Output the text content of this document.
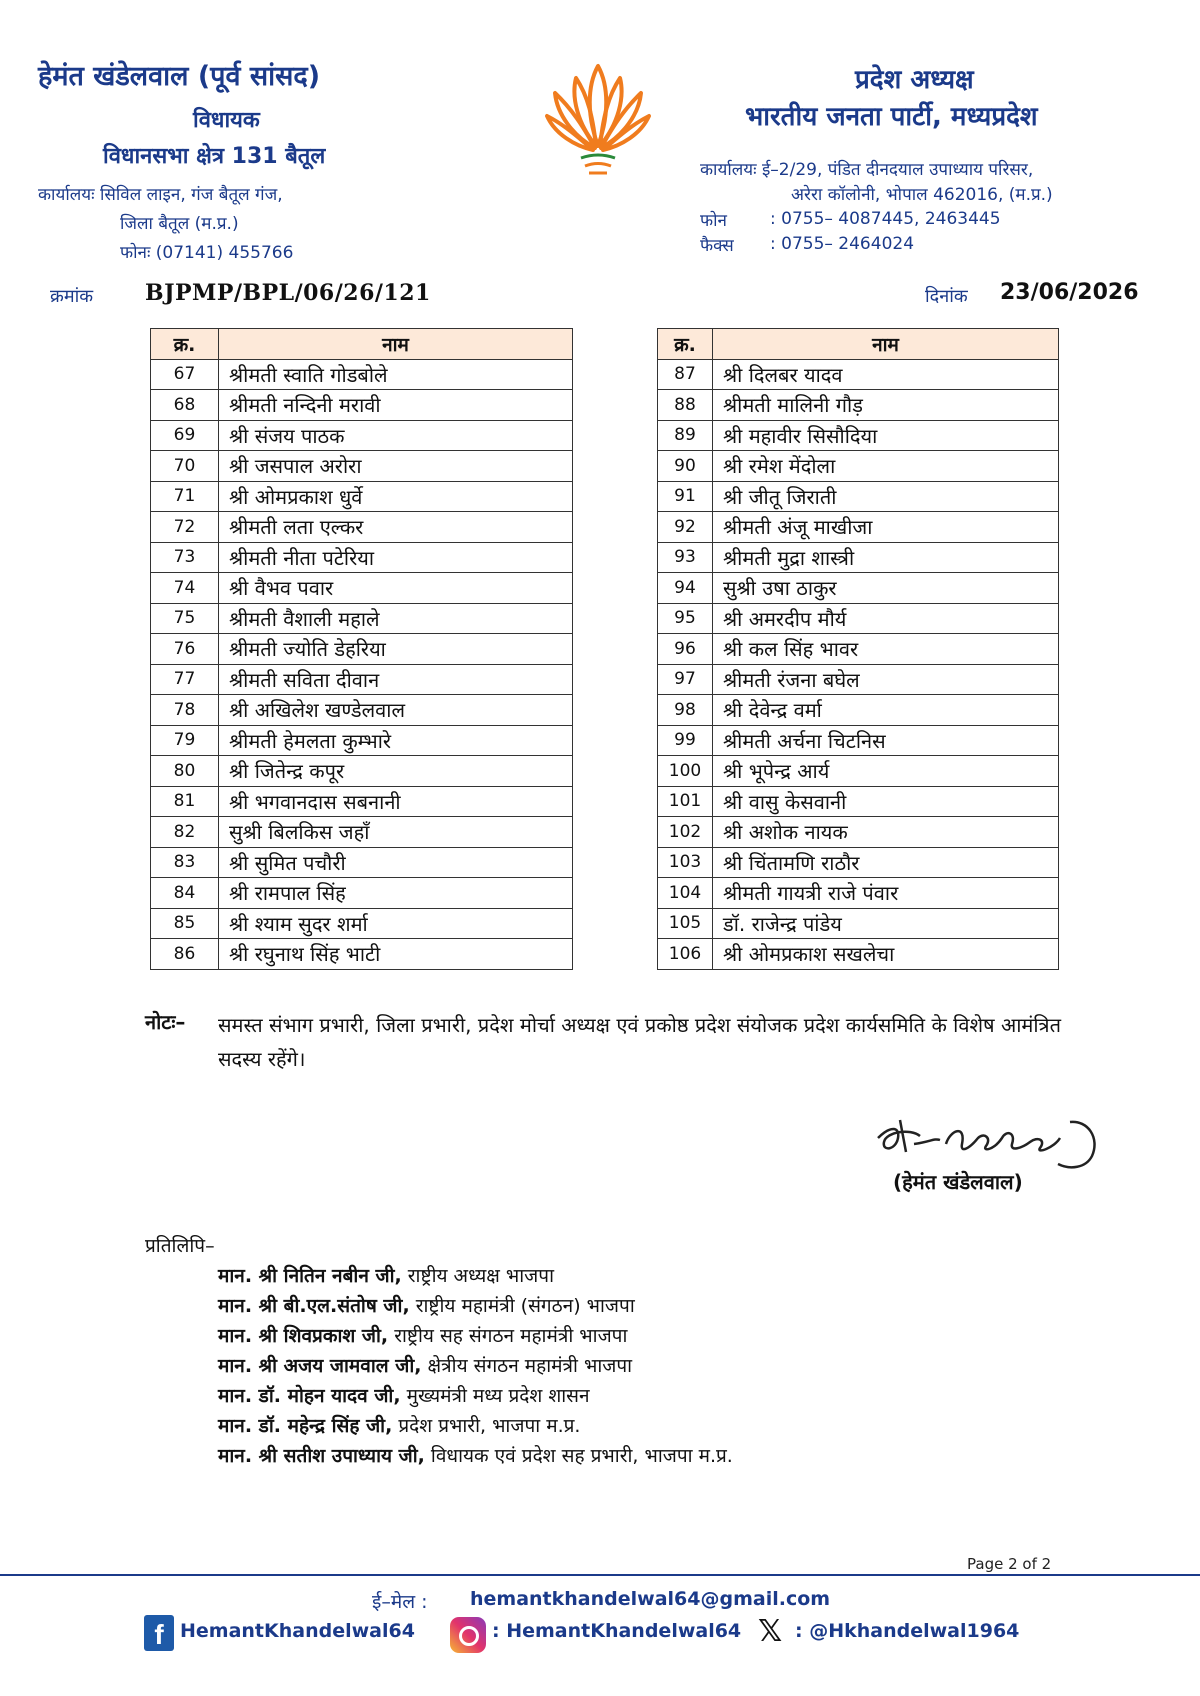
हेमंत खंडेलवाल (पूर्व सांसद)
विधायक
विधानसभा क्षेत्र 131 बैतूल
कार्यालयः सिविल लाइन, गंज बैतूल गंज,
जिला बैतूल (म.प्र.)
फोनः (07141) 455766
प्रदेश अध्यक्ष
भारतीय जनता पार्टी, मध्यप्रदेश
कार्यालयः ई–2/29, पंडित दीनदयाल उपाध्याय परिसर,
अरेरा कॉलोनी, भोपाल 462016, (म.प्र.)
फोन	: 0755– 4087445, 2463445
फैक्स : 0755– 2464024
क्रमांक BJPMP/BPL/06/26/121	दिनांक 23/06/2026
क्र.	नाम
67	श्रीमती स्वाति गोडबोले
68	श्रीमती नन्दिनी मरावी
69	श्री संजय पाठक
70	श्री जसपाल अरोरा
71	श्री ओमप्रकाश धुर्वे
72	श्रीमती लता एल्कर
73	श्रीमती नीता पटेरिया
74	श्री वैभव पवार
75	श्रीमती वैशाली महाले
76	श्रीमती ज्योति डेहरिया
77	श्रीमती सविता दीवान
78	श्री अखिलेश खण्डेलवाल
79	श्रीमती हेमलता कुम्भारे
80	श्री जितेन्द्र कपूर
81	श्री भगवानदास सबनानी
82	सुश्री बिलकिस जहॉं
83	श्री सुमित पचौरी
84	श्री रामपाल सिंह
85	श्री श्याम सुदर शर्मा
86	श्री रघुनाथ सिंह भाटी
क्र.	नाम
87	श्री दिलबर यादव
88	श्रीमती मालिनी गौड़
89	श्री महावीर सिसौदिया
90	श्री रमेश मेंदोला
91	श्री जीतू जिराती
92	श्रीमती अंजू माखीजा
93	श्रीमती मुद्रा शास्त्री
94	सुश्री उषा ठाकुर
95	श्री अमरदीप मौर्य
96	श्री कल सिंह भावर
97	श्रीमती रंजना बघेल
98	श्री देवेन्द्र वर्मा
99	श्रीमती अर्चना चिटनिस
100	श्री भूपेन्द्र आर्य
101	श्री वासु केसवानी
102	श्री अशोक नायक
103	श्री चिंतामणि राठौर
104	श्रीमती गायत्री राजे पंवार
105	डॉ. राजेन्द्र पांडेय
106	श्री ओमप्रकाश सखलेचा
नोटः– समस्त संभाग प्रभारी, जिला प्रभारी, प्रदेश मोर्चा अध्यक्ष एवं प्रकोष्ठ प्रदेश संयोजक प्रदेश कार्यसमिति के विशेष आमंत्रित सदस्य रहेंगे।
(हेमंत खंडेलवाल)
प्रतिलिपि–
मान. श्री नितिन नबीन जी, राष्ट्रीय अध्यक्ष भाजपा
मान. श्री बी.एल.संतोष जी, राष्ट्रीय महामंत्री (संगठन) भाजपा
मान. श्री शिवप्रकाश जी, राष्ट्रीय सह संगठन महामंत्री भाजपा
मान. श्री अजय जामवाल जी, क्षेत्रीय संगठन महामंत्री भाजपा
मान. डॉ. मोहन यादव जी, मुख्यमंत्री मध्य प्रदेश शासन
मान. डॉ. महेन्द्र सिंह जी, प्रदेश प्रभारी, भाजपा म.प्र.
मान. श्री सतीश उपाध्याय जी, विधायक एवं प्रदेश सह प्रभारी, भाजपा म.प्र.
Page 2 of 2
ई–मेल : hemantkhandelwal64@gmail.com
f HemantKhandelwal64	: HemantKhandelwal64 𝕏 : @Hkhandelwal1964
